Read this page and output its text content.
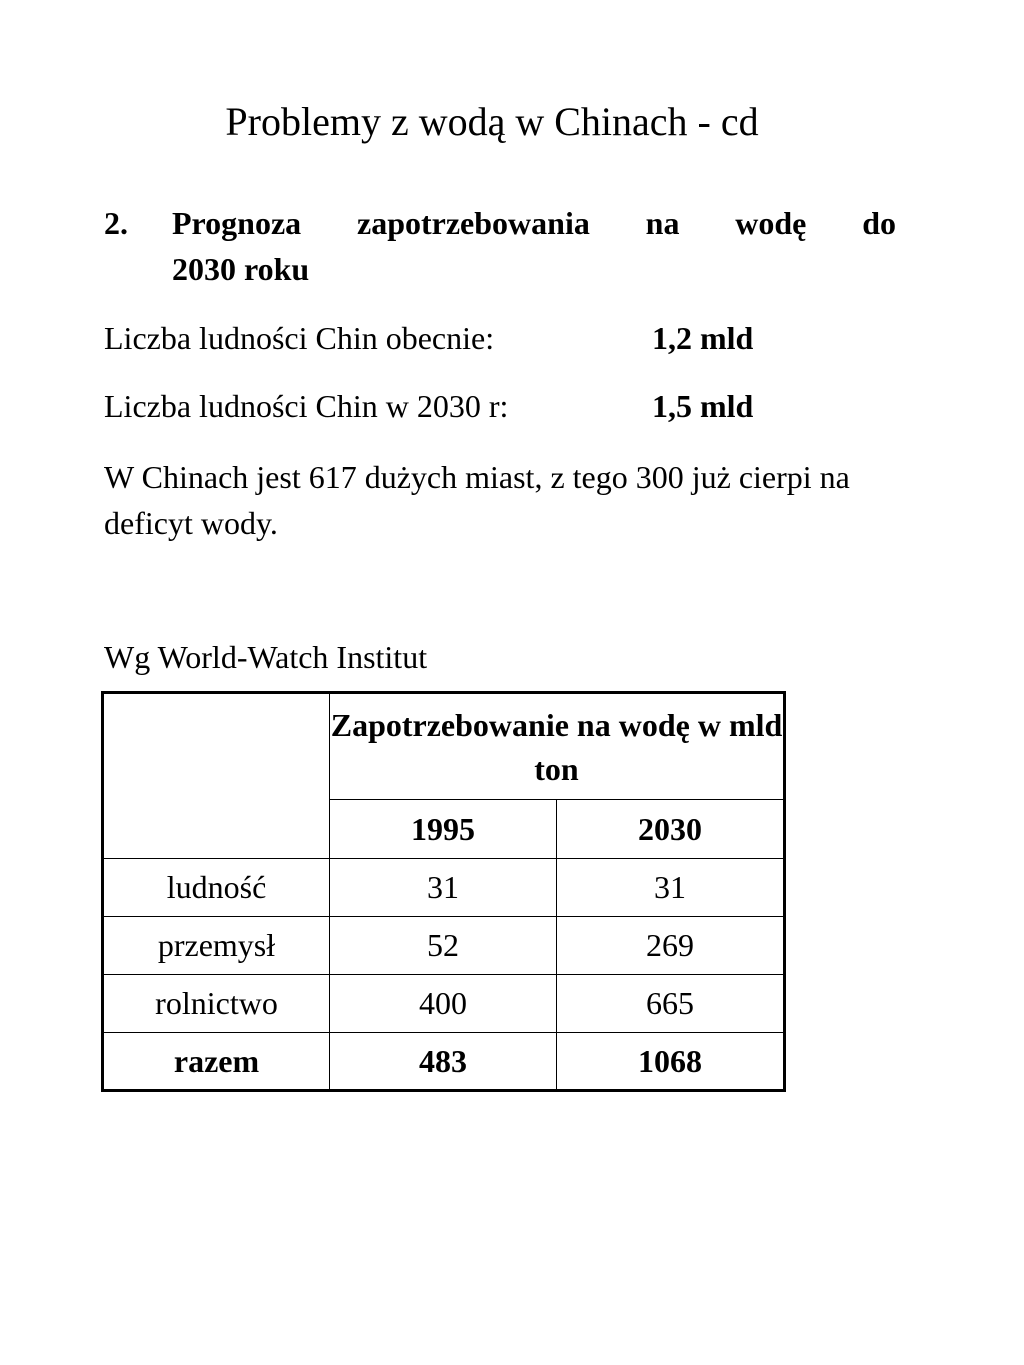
Problemy z wodą w Chinach - cd
2. Prognoza zapotrzebowania na wodę do
2030 roku
Liczba ludności Chin obecnie:	1,2 mld
Liczba ludności Chin w 2030 r:	1,5 mld
W Chinach jest 617 dużych miast, z tego 300 już cierpi na deficyt wody.
Wg World-Watch Institut
	Zapotrzebowanie na wodę w mld ton	
	1995	2030
ludność	31	31
przemysł	52	269
rolnictwo	400	665
razem	483	1068
